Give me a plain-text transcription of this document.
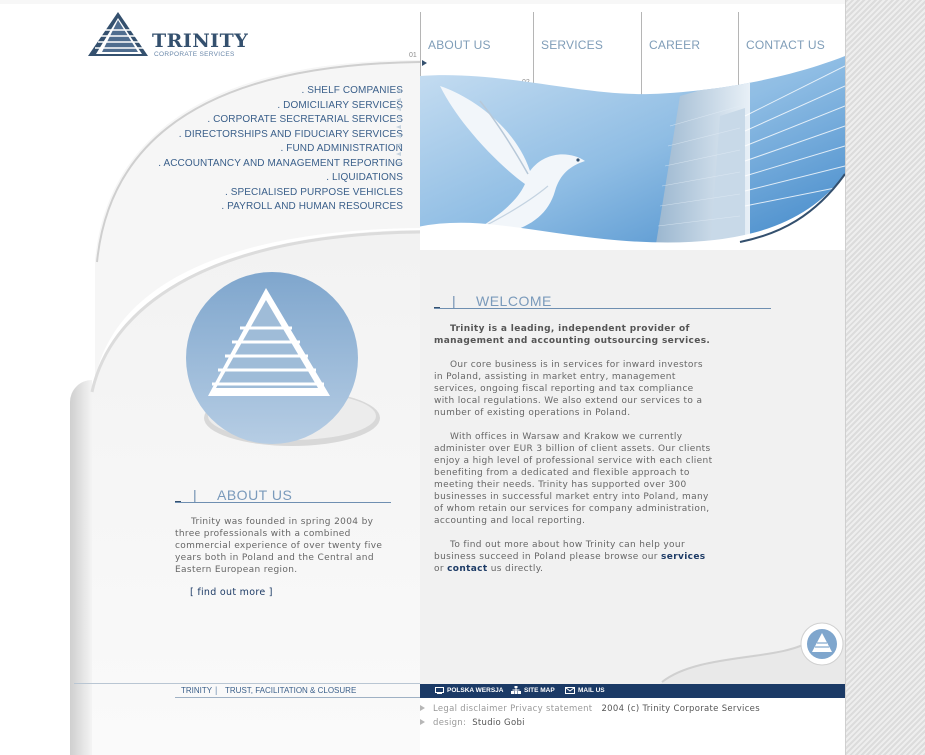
TRINITY
CORPORATE SERVICES
ABOUT US
01
SERVICES	CAREER	CONTACT US
. SHELF COMPANIES
. DOMICILIARY SERVICES
. CORPORATE SECRETARIAL SERVICES
. DIRECTORSHIPS AND FIDUCIARY SERVICES
. FUND ADMINISTRATION
. ACCOUNTANCY AND MANAGEMENT REPORTING
. LIQUIDATIONS
. SPECIALISED PURPOSE VEHICLES
. PAYROLL AND HUMAN RESOURCES
| ABOUT US

Trinity was founded in spring 2004 by three professionals with a combined commercial experience of over twenty five years both in Poland and the Central and Eastern European region.

[ find out more ]
| WELCOME

Trinity is a leading, independent provider of management and accounting outsourcing services.

Our core business is in services for inward investors in Poland, assisting in market entry, management services, ongoing fiscal reporting and tax compliance with local regulations. We also extend our services to a number of existing operations in Poland.

With offices in Warsaw and Krakow we currently administer over EUR 3 billion of client assets. Our clients enjoy a high level of professional service with each client benefiting from a dedicated and flexible approach to meeting their needs. Trinity has supported over 300 businesses in successful market entry into Poland, many of whom retain our services for company administration, accounting and local reporting.

To find out more about how Trinity can help your business succeed in Poland please browse our services or contact us directly.

TRINITY | TRUST, FACILITATION & CLOSURE	POLSKA WERSJA	SITE MAP	MAIL US
Legal disclaimer Privacy statement 2004 (c) Trinity Corporate Services
design: Studio Gobi
